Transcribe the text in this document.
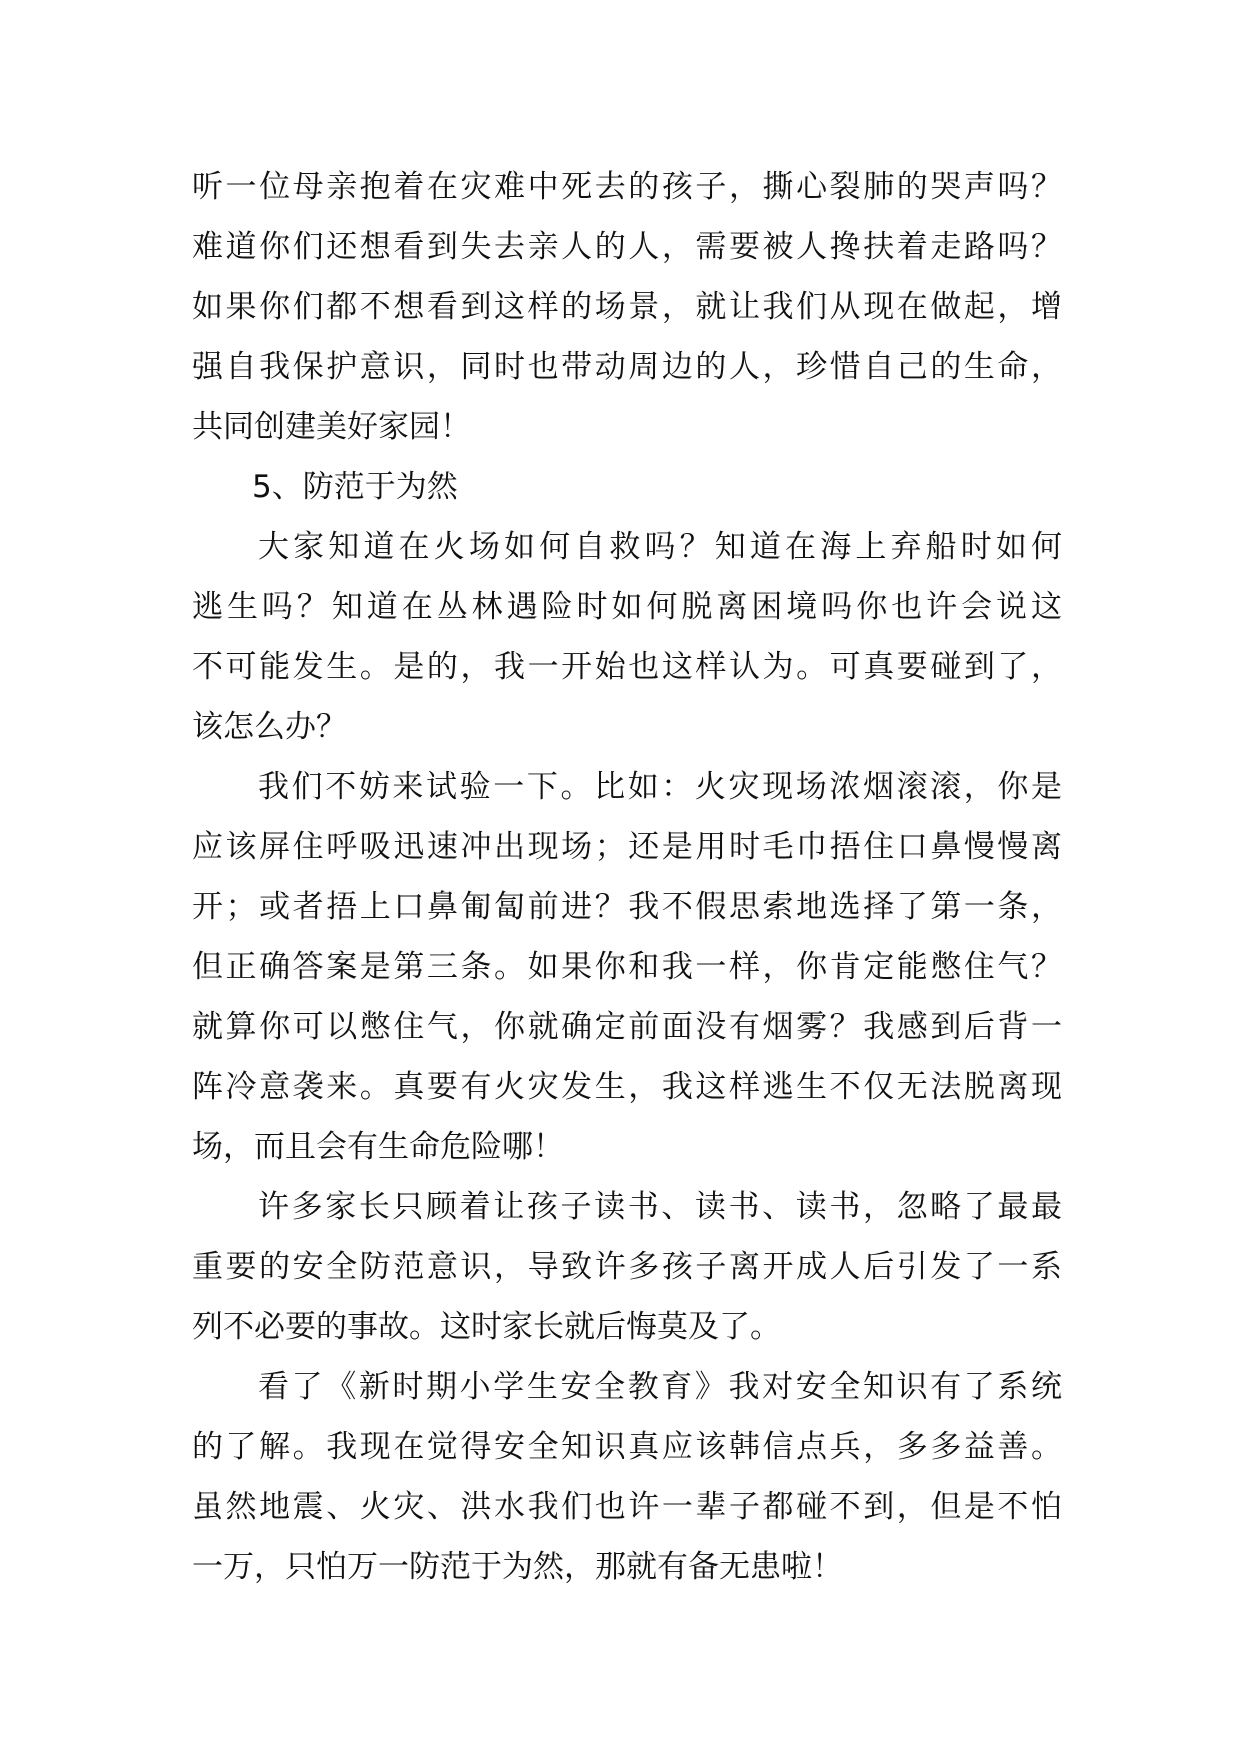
听一位母亲抱着在灾难中死去的孩子，撕心裂肺的哭声吗？
难道你们还想看到失去亲人的人，需要被人搀扶着走路吗？
如果你们都不想看到这样的场景，就让我们从现在做起，增
强自我保护意识，同时也带动周边的人，珍惜自己的生命，
共同创建美好家园！
5、防范于为然
大家知道在火场如何自救吗？知道在海上弃船时如何
逃生吗？知道在丛林遇险时如何脱离困境吗你也许会说这
不可能发生。是的，我一开始也这样认为。可真要碰到了，
该怎么办？
我们不妨来试验一下。比如：火灾现场浓烟滚滚，你是
应该屏住呼吸迅速冲出现场；还是用时毛巾捂住口鼻慢慢离
开；或者捂上口鼻匍匐前进？我不假思索地选择了第一条，
但正确答案是第三条。如果你和我一样，你肯定能憋住气？
就算你可以憋住气，你就确定前面没有烟雾？我感到后背一
阵冷意袭来。真要有火灾发生，我这样逃生不仅无法脱离现
场，而且会有生命危险哪！
许多家长只顾着让孩子读书、读书、读书，忽略了最最
重要的安全防范意识，导致许多孩子离开成人后引发了一系
列不必要的事故。这时家长就后悔莫及了。
看了《新时期小学生安全教育》我对安全知识有了系统
的了解。我现在觉得安全知识真应该韩信点兵，多多益善。
虽然地震、火灾、洪水我们也许一辈子都碰不到，但是不怕
一万，只怕万一防范于为然，那就有备无患啦！
